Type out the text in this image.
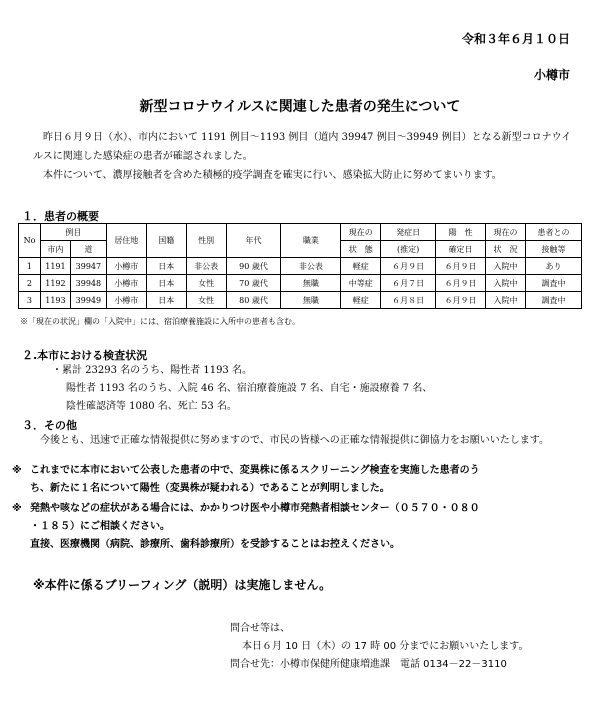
令和３年６月１０日
小樽市
新型コロナウイルスに関連した患者の発生について

昨日６月９日（水）、市内において 1191 例目～1193 例目（道内 39947 例目～39949 例目）となる新型コロナウイルスに関連した感染症の患者が確認されました。

本件について、濃厚接触者を含めた積極的疫学調査を確実に行い、感染拡大防止に努めてまいります。

１．患者の概要
No	例目		居住地	国籍	性別	年代	職業	現在の	発症日	陽　性	現在の	患者との
	市内	道						状　態	(推定)	確定日	状　況	接触等
1	1191	39947	小樽市	日本	非公表	90 歳代	非公表	軽症	６月９日	６月９日	入院中	あり
2	1192	39948	小樽市	日本	女性	70 歳代	無職	中等症	６月７日	６月９日	入院中	調査中
3	1193	39949	小樽市	日本	女性	80 歳代	無職	軽症	６月８日	６月９日	入院中	調査中
※「現在の状況」欄の「入院中」には、宿泊療養施設に入所中の患者も含む。
２.本市における検査状況
・累計 23293 名のうち、陽性者 1193 名。
陽性者 1193 名のうち、入院 46 名、宿泊療養施設 7 名、自宅・施設療養 7 名、
陰性確認済等 1080 名、死亡 53 名。
３．その他

今後とも、迅速で正確な情報提供に努めますので、市民の皆様への正確な情報提供に御協力をお願いいたします。

※ これまでに本市において公表した患者の中で、変異株に係るスクリーニング検査を実施した患者のう
ち、新たに１名について陽性（変異株が疑われる）であることが判明しました。
※ 発熱や咳などの症状がある場合には、かかりつけ医や小樽市発熱者相談センター（０５７０・０８０
・１８５）にご相談ください。
直接、医療機関（病院、診療所、歯科診療所）を受診することはお控えください。
※本件に係るブリーフィング（説明）は実施しません。
問合せ等は、
本日６月 10 日（木）の 17 時 00 分までにお願いいたします。
問合せ先：小樽市保健所健康増進課　電話 0134－22－3110
